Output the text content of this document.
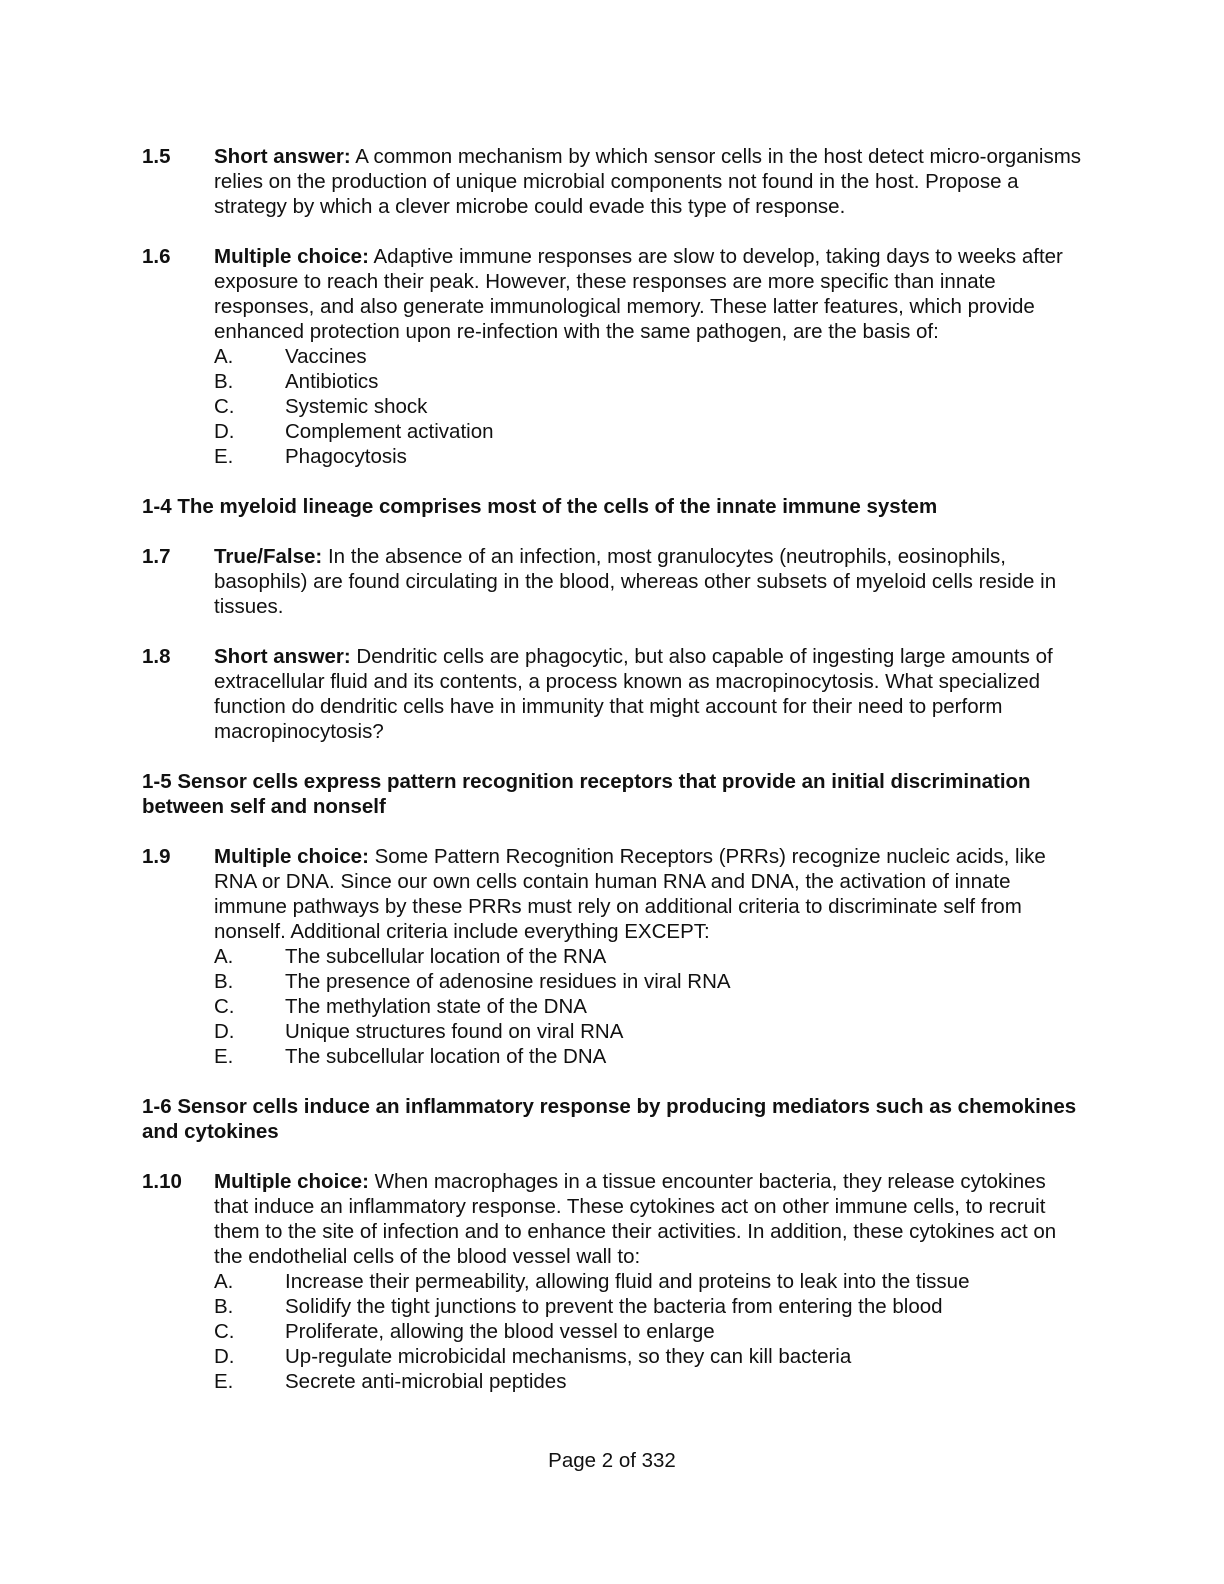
1.5 Short answer: A common mechanism by which sensor cells in the host detect micro-organisms relies on the production of unique microbial components not found in the host. Propose a strategy by which a clever microbe could evade this type of response.
1.6 Multiple choice: Adaptive immune responses are slow to develop, taking days to weeks after exposure to reach their peak. However, these responses are more specific than innate responses, and also generate immunological memory. These latter features, which provide enhanced protection upon re-infection with the same pathogen, are the basis of:
A.	Vaccines
B.	Antibiotics
C. Systemic shock
D. Complement activation
E.	Phagocytosis
1-4 The myeloid lineage comprises most of the cells of the innate immune system
1.7 True/False: In the absence of an infection, most granulocytes (neutrophils, eosinophils, basophils) are found circulating in the blood, whereas other subsets of myeloid cells reside in tissues.
1.8 Short answer: Dendritic cells are phagocytic, but also capable of ingesting large amounts of extracellular fluid and its contents, a process known as macropinocytosis. What specialized function do dendritic cells have in immunity that might account for their need to perform macropinocytosis?
1-5 Sensor cells express pattern recognition receptors that provide an initial discrimination between self and nonself
1.9 Multiple choice: Some Pattern Recognition Receptors (PRRs) recognize nucleic acids, like RNA or DNA. Since our own cells contain human RNA and DNA, the activation of innate immune pathways by these PRRs must rely on additional criteria to discriminate self from nonself. Additional criteria include everything EXCEPT:
A.	The subcellular location of the RNA
B.	The presence of adenosine residues in viral RNA
C. The methylation state of the DNA
D. Unique structures found on viral RNA
E.	The subcellular location of the DNA
1-6 Sensor cells induce an inflammatory response by producing mediators such as chemokines and cytokines
1.10 Multiple choice: When macrophages in a tissue encounter bacteria, they release cytokines that induce an inflammatory response. These cytokines act on other immune cells, to recruit them to the site of infection and to enhance their activities. In addition, these cytokines act on the endothelial cells of the blood vessel wall to:
A.	Increase their permeability, allowing fluid and proteins to leak into the tissue
B.	Solidify the tight junctions to prevent the bacteria from entering the blood
C. Proliferate, allowing the blood vessel to enlarge
D. Up-regulate microbicidal mechanisms, so they can kill bacteria
E.	Secrete anti-microbial peptides
Page 2 of 332
